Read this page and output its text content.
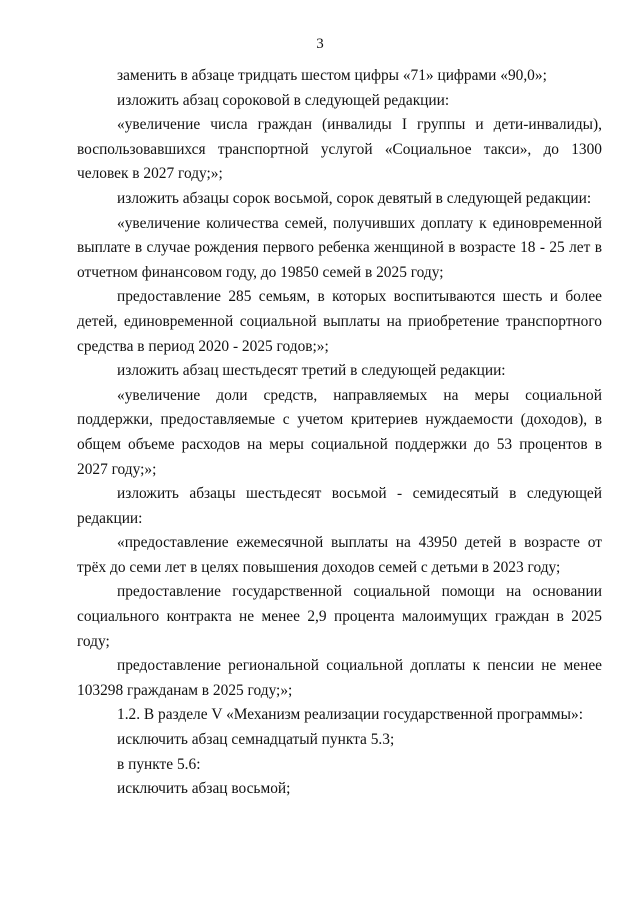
3

заменить в абзаце тридцать шестом цифры «71» цифрами «90,0»;

изложить абзац сороковой в следующей редакции:

«увеличение числа граждан (инвалиды I группы и дети-инвалиды), воспользовавшихся транспортной услугой «Социальное такси», до 1300 человек в 2027 году;»;

изложить абзацы сорок восьмой, сорок девятый в следующей редакции:

«увеличение количества семей, получивших доплату к единовременной выплате в случае рождения первого ребенка женщиной в возрасте 18 - 25 лет в отчетном финансовом году, до 19850 семей в 2025 году;

предоставление 285 семьям, в которых воспитываются шесть и более детей, единовременной социальной выплаты на приобретение транспортного средства в период 2020 - 2025 годов;»;

изложить абзац шестьдесят третий в следующей редакции:

«увеличение доли средств, направляемых на меры социальной поддержки, предоставляемые с учетом критериев нуждаемости (доходов), в общем объеме расходов на меры социальной поддержки до 53 процентов в 2027 году;»;

изложить абзацы шестьдесят восьмой - семидесятый в следующей редакции:

«предоставление ежемесячной выплаты на 43950 детей в возрасте от трёх до семи лет в целях повышения доходов семей с детьми в 2023 году;

предоставление государственной социальной помощи на основании социального контракта не менее 2,9 процента малоимущих граждан в 2025 году;

предоставление региональной социальной доплаты к пенсии не менее 103298 гражданам в 2025 году;»;

1.2. В разделе V «Механизм реализации государственной программы»:

исключить абзац семнадцатый пункта 5.3;

в пункте 5.6:

исключить абзац восьмой;
